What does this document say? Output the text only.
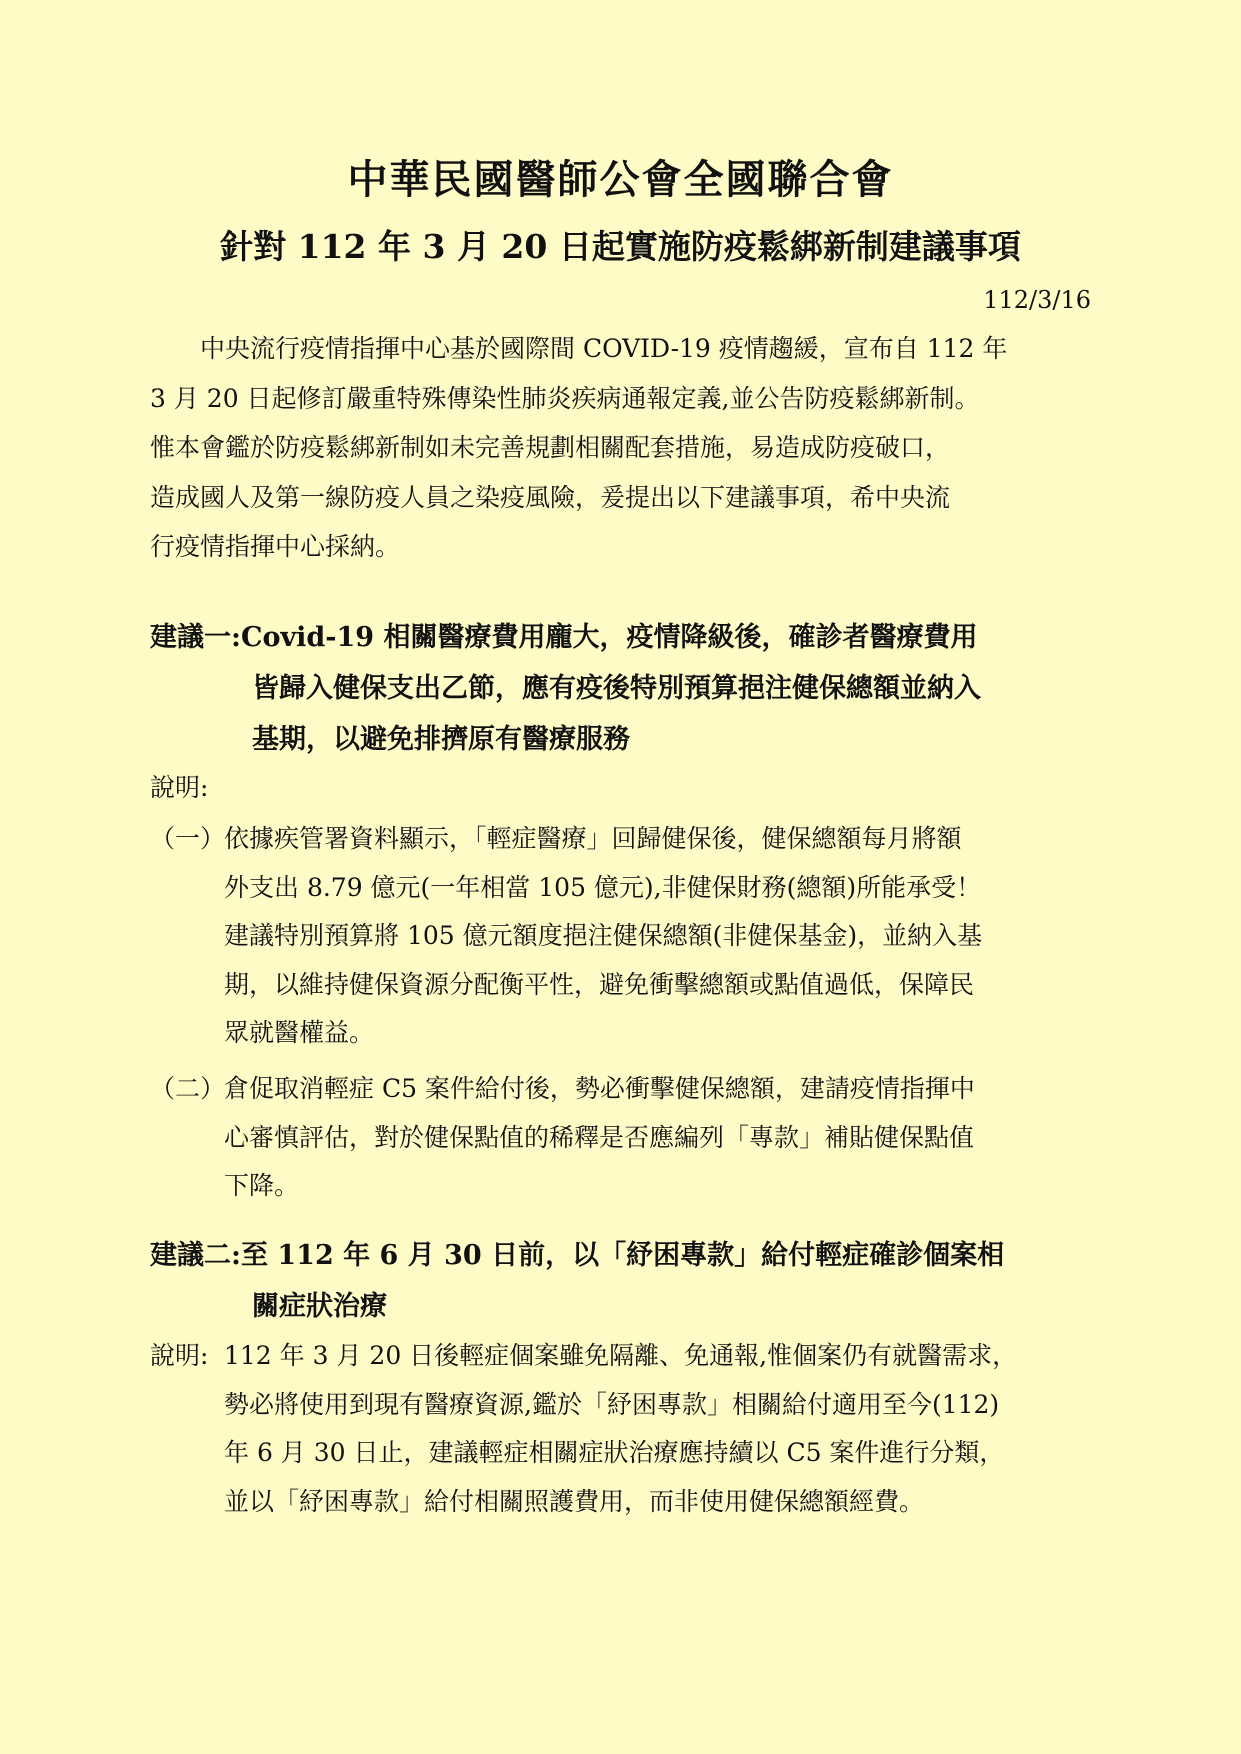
中華民國醫師公會全國聯合會
針對 112 年 3 月 20 日起實施防疫鬆綁新制建議事項
112/3/16
中央流行疫情指揮中心基於國際間 COVID-19 疫情趨緩，宣布自 112 年
3 月 20 日起修訂嚴重特殊傳染性肺炎疾病通報定義,並公告防疫鬆綁新制。
惟本會鑑於防疫鬆綁新制如未完善規劃相關配套措施，易造成防疫破口，
造成國人及第一線防疫人員之染疫風險，爰提出以下建議事項，希中央流
行疫情指揮中心採納。
建議一:Covid-19 相關醫療費用龐大，疫情降級後，確診者醫療費用
皆歸入健保支出乙節，應有疫後特別預算挹注健保總額並納入
基期，以避免排擠原有醫療服務
說明:
（一）依據疾管署資料顯示，「輕症醫療」回歸健保後，健保總額每月將額
外支出 8.79 億元(一年相當 105 億元),非健保財務(總額)所能承受！
建議特別預算將 105 億元額度挹注健保總額(非健保基金)，並納入基
期，以維持健保資源分配衡平性，避免衝擊總額或點值過低，保障民
眾就醫權益。
（二）倉促取消輕症 C5 案件給付後，勢必衝擊健保總額，建請疫情指揮中
心審慎評估，對於健保點值的稀釋是否應編列「專款」補貼健保點值
下降。
建議二:至 112 年 6 月 30 日前，以「紓困專款」給付輕症確診個案相
關症狀治療
說明: 112 年 3 月 20 日後輕症個案雖免隔離、免通報,惟個案仍有就醫需求，
勢必將使用到現有醫療資源,鑑於「紓困專款」相關給付適用至今(112)
年 6 月 30 日止，建議輕症相關症狀治療應持續以 C5 案件進行分類，
並以「紓困專款」給付相關照護費用，而非使用健保總額經費。
